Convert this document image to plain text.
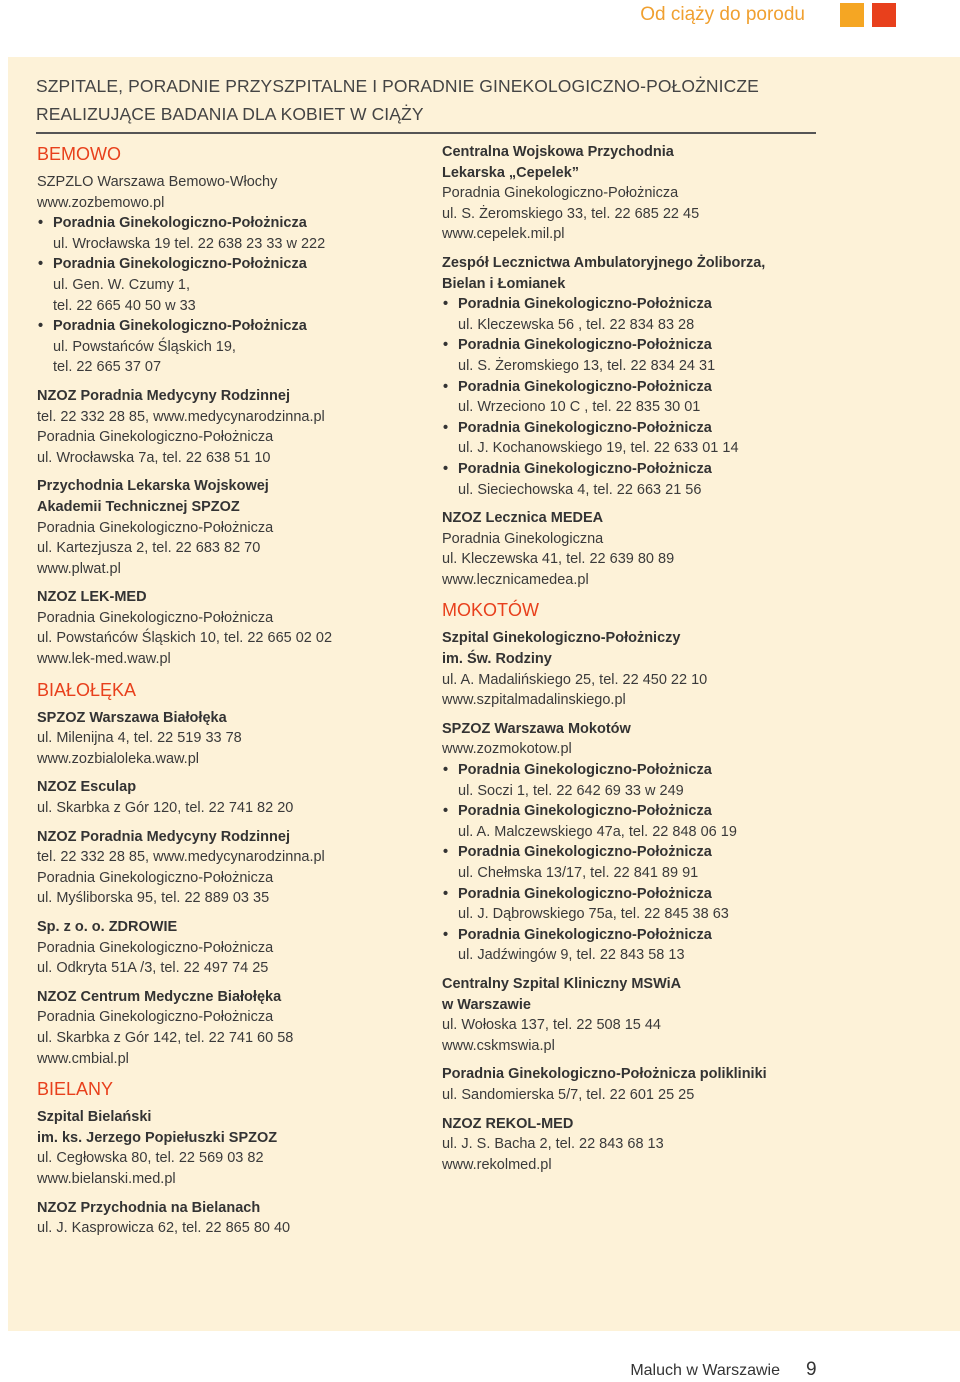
Od ciąży do porodu
SZPITALE, PORADNIE PRZYSZPITALNE I PORADNIE GINEKOLOGICZNO-POŁOŻNICZE REALIZUJĄCE BADANIA DLA KOBIET W CIĄŻY
BEMOWO
SZPZLO Warszawa Bemowo-Włochy
www.zozbemowo.pl
• Poradnia Ginekologiczno-Położnicza
ul. Wrocławska 19 tel. 22 638 23 33 w 222
• Poradnia Ginekologiczno-Położnicza
ul. Gen. W. Czumy 1,
tel. 22 665 40 50 w 33
• Poradnia Ginekologiczno-Położnicza
ul. Powstańców Śląskich 19,
tel. 22 665 37 07
NZOZ Poradnia Medycyny Rodzinnej
tel. 22 332 28 85, www.medycynarodzinna.pl
Poradnia Ginekologiczno-Położnicza
ul. Wrocławska 7a, tel. 22 638 51 10
Przychodnia Lekarska Wojskowej
Akademii Technicznej SPZOZ
Poradnia Ginekologiczno-Położnicza
ul. Kartezjusza 2, tel. 22 683 82 70
www.plwat.pl
NZOZ LEK-MED
Poradnia Ginekologiczno-Położnicza
ul. Powstańców Śląskich 10, tel. 22 665 02 02
www.lek-med.waw.pl
BIAŁOŁĘKA
SPZOZ Warszawa Białołęka
ul. Milenijna 4, tel. 22 519 33 78
www.zozbialoleka.waw.pl
NZOZ Esculap
ul. Skarbka z Gór 120, tel. 22 741 82 20
NZOZ Poradnia Medycyny Rodzinnej
tel. 22 332 28 85, www.medycynarodzinna.pl
Poradnia Ginekologiczno-Położnicza
ul. Myśliborska 95, tel. 22 889 03 35
Sp. z o. o. ZDROWIE
Poradnia Ginekologiczno-Położnicza
ul. Odkryta 51A /3, tel. 22 497 74 25
NZOZ Centrum Medyczne Białołęka
Poradnia Ginekologiczno-Położnicza
ul. Skarbka z Gór 142, tel. 22 741 60 58
www.cmbial.pl
BIELANY
Szpital Bielański
im. ks. Jerzego Popiełuszki SPZOZ
ul. Cegłowska 80, tel. 22 569 03 82
www.bielanski.med.pl
NZOZ Przychodnia na Bielanach
ul. J. Kasprowicza 62, tel. 22 865 80 40
Centralna Wojskowa Przychodnia
Lekarska „Cepelek”
Poradnia Ginekologiczno-Położnicza
ul. S. Żeromskiego 33, tel. 22 685 22 45
www.cepelek.mil.pl
Zespół Lecznictwa Ambulatoryjnego Żoliborza,
Bielan i Łomianek
• Poradnia Ginekologiczno-Położnicza
ul. Kleczewska 56 , tel. 22 834 83 28
• Poradnia Ginekologiczno-Położnicza
ul. S. Żeromskiego 13, tel. 22 834 24 31
• Poradnia Ginekologiczno-Położnicza
ul. Wrzeciono 10 C , tel. 22 835 30 01
• Poradnia Ginekologiczno-Położnicza
ul. J. Kochanowskiego 19, tel. 22 633 01 14
• Poradnia Ginekologiczno-Położnicza
ul. Sieciechowska 4, tel. 22 663 21 56
NZOZ Lecznica MEDEA
Poradnia Ginekologiczna
ul. Kleczewska 41, tel. 22 639 80 89
www.lecznicamedea.pl
MOKOTÓW
Szpital Ginekologiczno-Położniczy
im. Św. Rodziny
ul. A. Madalińskiego 25, tel. 22 450 22 10
www.szpitalmadalinskiego.pl
SPZOZ Warszawa Mokotów
www.zozmokotow.pl
• Poradnia Ginekologiczno-Położnicza
ul. Soczi 1, tel. 22 642 69 33 w 249
• Poradnia Ginekologiczno-Położnicza
ul. A. Malczewskiego 47a, tel. 22 848 06 19
• Poradnia Ginekologiczno-Położnicza
ul. Chełmska 13/17, tel. 22 841 89 91
• Poradnia Ginekologiczno-Położnicza
ul. J. Dąbrowskiego 75a, tel. 22 845 38 63
• Poradnia Ginekologiczno-Położnicza
ul. Jadźwingów 9, tel. 22 843 58 13
Centralny Szpital Kliniczny MSWiA
w Warszawie
ul. Wołoska 137, tel. 22 508 15 44
www.cskmswia.pl
Poradnia Ginekologiczno-Położnicza polikliniki
ul. Sandomierska 5/7, tel. 22 601 25 25
NZOZ REKOL-MED
ul. J. S. Bacha 2, tel. 22 843 68 13
www.rekolmed.pl
Maluch w Warszawie 9
